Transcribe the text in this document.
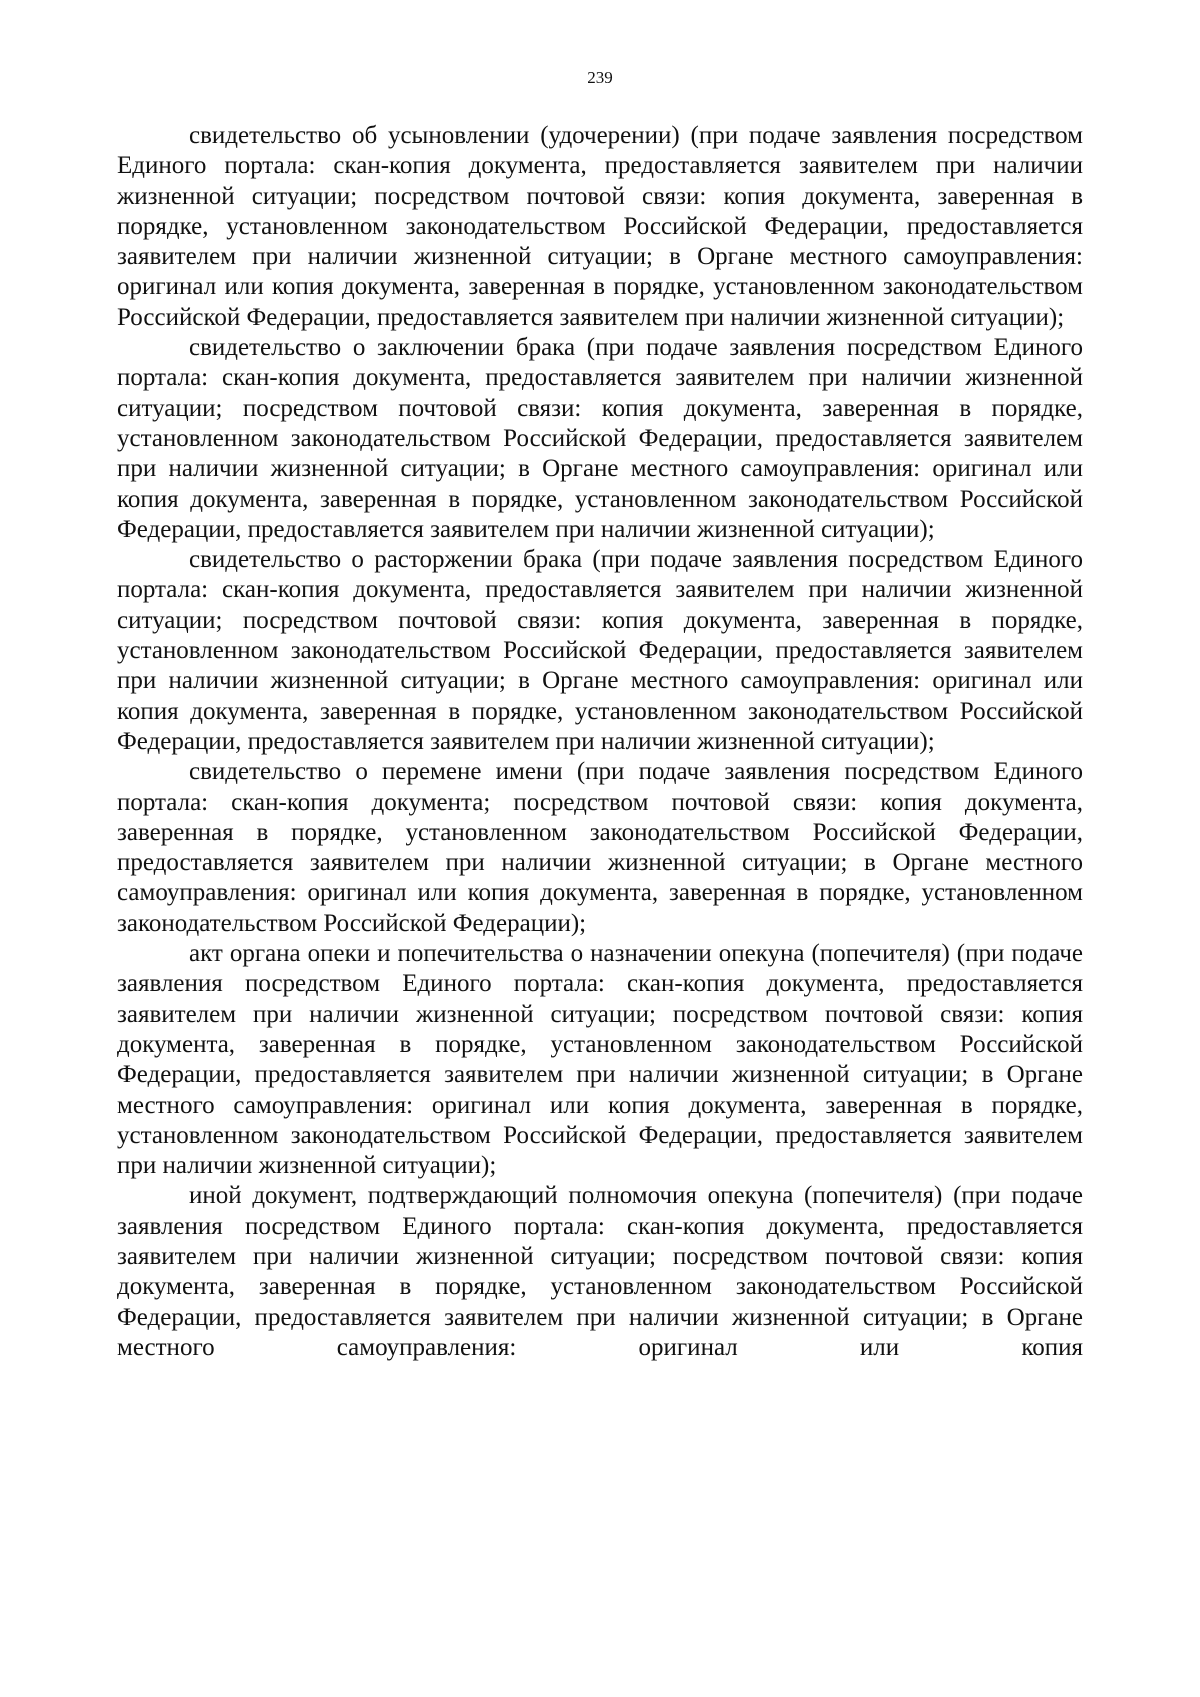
239

свидетельство об усыновлении (удочерении) (при подаче заявления посредством Единого портала: скан-копия документа, предоставляется заявителем при наличии жизненной ситуации; посредством почтовой связи: копия документа, заверенная в порядке, установленном законодательством Российской Федерации, предоставляется заявителем при наличии жизненной ситуации; в Органе местного самоуправления: оригинал или копия документа, заверенная в порядке, установленном законодательством Российской Федерации, предоставляется заявителем при наличии жизненной ситуации);

свидетельство о заключении брака (при подаче заявления посредством Единого портала: скан-копия документа, предоставляется заявителем при наличии жизненной ситуации; посредством почтовой связи: копия документа, заверенная в порядке, установленном законодательством Российской Федерации, предоставляется заявителем при наличии жизненной ситуации; в Органе местного самоуправления: оригинал или копия документа, заверенная в порядке, установленном законодательством Российской Федерации, предоставляется заявителем при наличии жизненной ситуации);

свидетельство о расторжении брака (при подаче заявления посредством Единого портала: скан-копия документа, предоставляется заявителем при наличии жизненной ситуации; посредством почтовой связи: копия документа, заверенная в порядке, установленном законодательством Российской Федерации, предоставляется заявителем при наличии жизненной ситуации; в Органе местного самоуправления: оригинал или копия документа, заверенная в порядке, установленном законодательством Российской Федерации, предоставляется заявителем при наличии жизненной ситуации);

свидетельство о перемене имени (при подаче заявления посредством Единого портала: скан-копия документа; посредством почтовой связи: копия документа, заверенная в порядке, установленном законодательством Российской Федерации, предоставляется заявителем при наличии жизненной ситуации; в Органе местного самоуправления: оригинал или копия документа, заверенная в порядке, установленном законодательством Российской Федерации);

акт органа опеки и попечительства о назначении опекуна (попечителя) (при подаче заявления посредством Единого портала: скан-копия документа, предоставляется заявителем при наличии жизненной ситуации; посредством почтовой связи: копия документа, заверенная в порядке, установленном законодательством Российской Федерации, предоставляется заявителем при наличии жизненной ситуации; в Органе местного самоуправления: оригинал или копия документа, заверенная в порядке, установленном законодательством Российской Федерации, предоставляется заявителем при наличии жизненной ситуации);

иной документ, подтверждающий полномочия опекуна (попечителя) (при подаче заявления посредством Единого портала: скан-копия документа, предоставляется заявителем при наличии жизненной ситуации; посредством почтовой связи: копия документа, заверенная в порядке, установленном законодательством Российской Федерации, предоставляется заявителем при наличии жизненной ситуации; в Органе местного самоуправления: оригинал или копия
